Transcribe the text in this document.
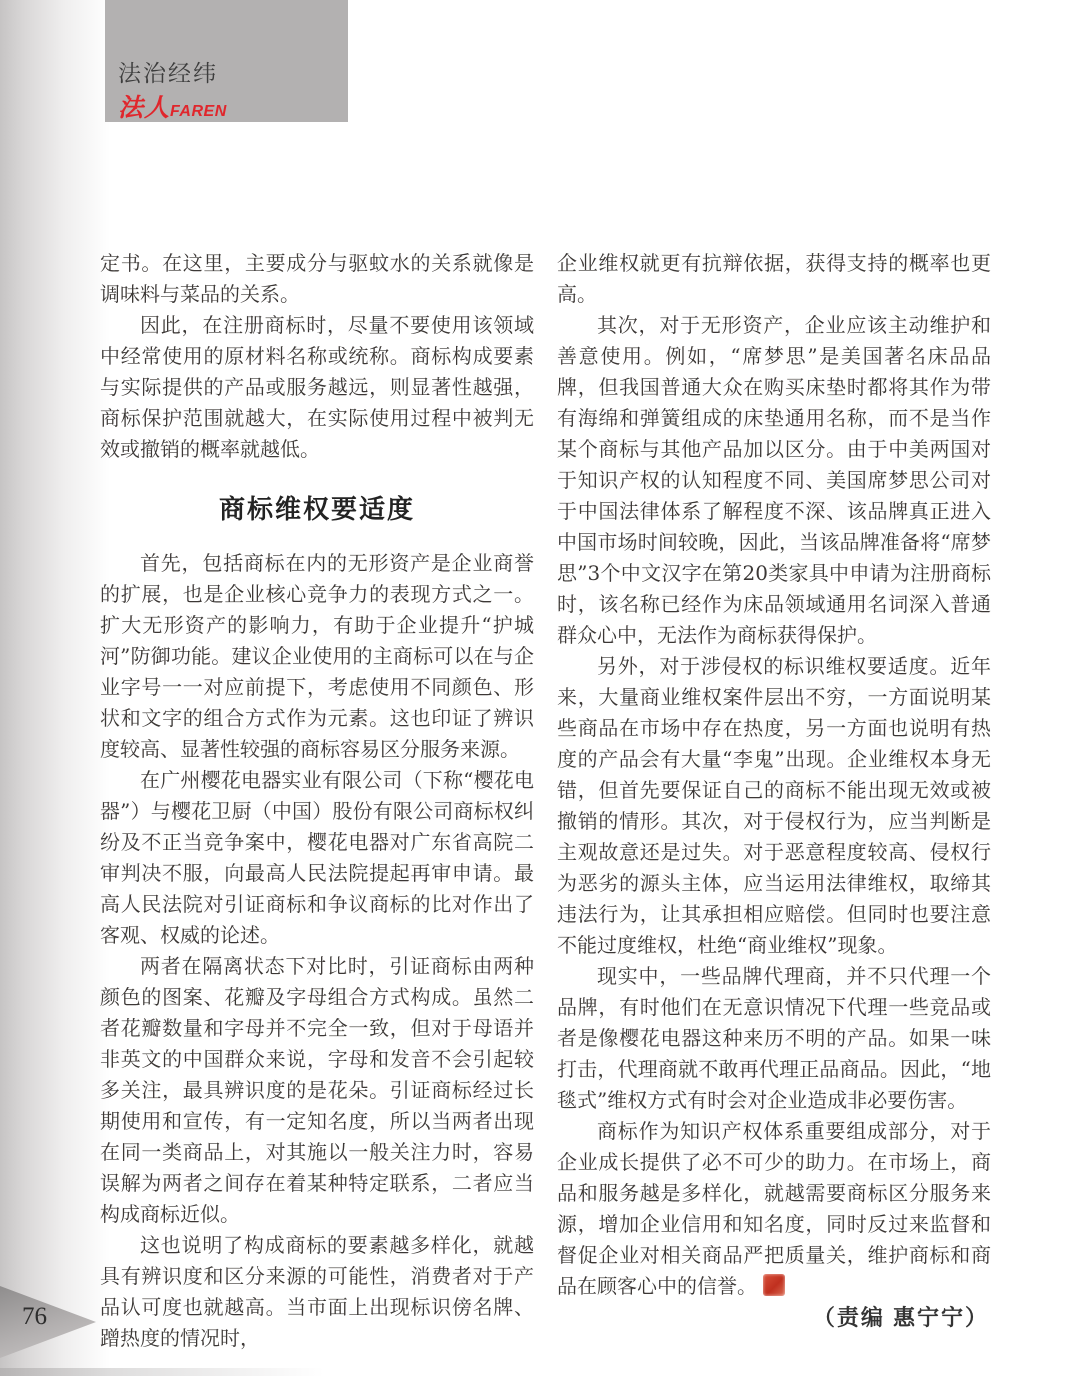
法治经纬
法人FAREN

定书。在这里，主要成分与驱蚊水的关系就像是调味料与菜品的关系。

因此，在注册商标时，尽量不要使用该领域中经常使用的原材料名称或统称。商标构成要素与实际提供的产品或服务越远，则显著性越强，商标保护范围就越大，在实际使用过程中被判无效或撤销的概率就越低。

商标维权要适度

首先，包括商标在内的无形资产是企业商誉的扩展，也是企业核心竞争力的表现方式之一。扩大无形资产的影响力，有助于企业提升“护城河”防御功能。建议企业使用的主商标可以在与企业字号一一对应前提下，考虑使用不同颜色、形状和文字的组合方式作为元素。这也印证了辨识度较高、显著性较强的商标容易区分服务来源。

在广州樱花电器实业有限公司（下称“樱花电器”）与樱花卫厨（中国）股份有限公司商标权纠纷及不正当竞争案中，樱花电器对广东省高院二审判决不服，向最高人民法院提起再审申请。最高人民法院对引证商标和争议商标的比对作出了客观、权威的论述。

两者在隔离状态下对比时，引证商标由两种颜色的图案、花瓣及字母组合方式构成。虽然二者花瓣数量和字母并不完全一致，但对于母语并非英文的中国群众来说，字母和发音不会引起较多关注，最具辨识度的是花朵。引证商标经过长期使用和宣传，有一定知名度，所以当两者出现在同一类商品上，对其施以一般关注力时，容易误解为两者之间存在着某种特定联系，二者应当构成商标近似。

这也说明了构成商标的要素越多样化，就越具有辨识度和区分来源的可能性，消费者对于产品认可度也就越高。当市面上出现标识傍名牌、蹭热度的情况时，

企业维权就更有抗辩依据，获得支持的概率也更高。

其次，对于无形资产，企业应该主动维护和善意使用。例如，“席梦思”是美国著名床品品牌，但我国普通大众在购买床垫时都将其作为带有海绵和弹簧组成的床垫通用名称，而不是当作某个商标与其他产品加以区分。由于中美两国对于知识产权的认知程度不同、美国席梦思公司对于中国法律体系了解程度不深、该品牌真正进入中国市场时间较晚，因此，当该品牌准备将“席梦思”3个中文汉字在第20类家具中申请为注册商标时，该名称已经作为床品领域通用名词深入普通群众心中，无法作为商标获得保护。

另外，对于涉侵权的标识维权要适度。近年来，大量商业维权案件层出不穷，一方面说明某些商品在市场中存在热度，另一方面也说明有热度的产品会有大量“李鬼”出现。企业维权本身无错，但首先要保证自己的商标不能出现无效或被撤销的情形。其次，对于侵权行为，应当判断是主观故意还是过失。对于恶意程度较高、侵权行为恶劣的源头主体，应当运用法律维权，取缔其违法行为，让其承担相应赔偿。但同时也要注意不能过度维权，杜绝“商业维权”现象。

现实中，一些品牌代理商，并不只代理一个品牌，有时他们在无意识情况下代理一些竞品或者是像樱花电器这种来历不明的产品。如果一味打击，代理商就不敢再代理正品商品。因此，“地毯式”维权方式有时会对企业造成非必要伤害。

商标作为知识产权体系重要组成部分，对于企业成长提供了必不可少的助力。在市场上，商品和服务越是多样化，就越需要商标区分服务来源，增加企业信用和知名度，同时反过来监督和督促企业对相关商品严把质量关，维护商标和商品在顾客心中的信誉。

（责编 惠宁宁）

76
